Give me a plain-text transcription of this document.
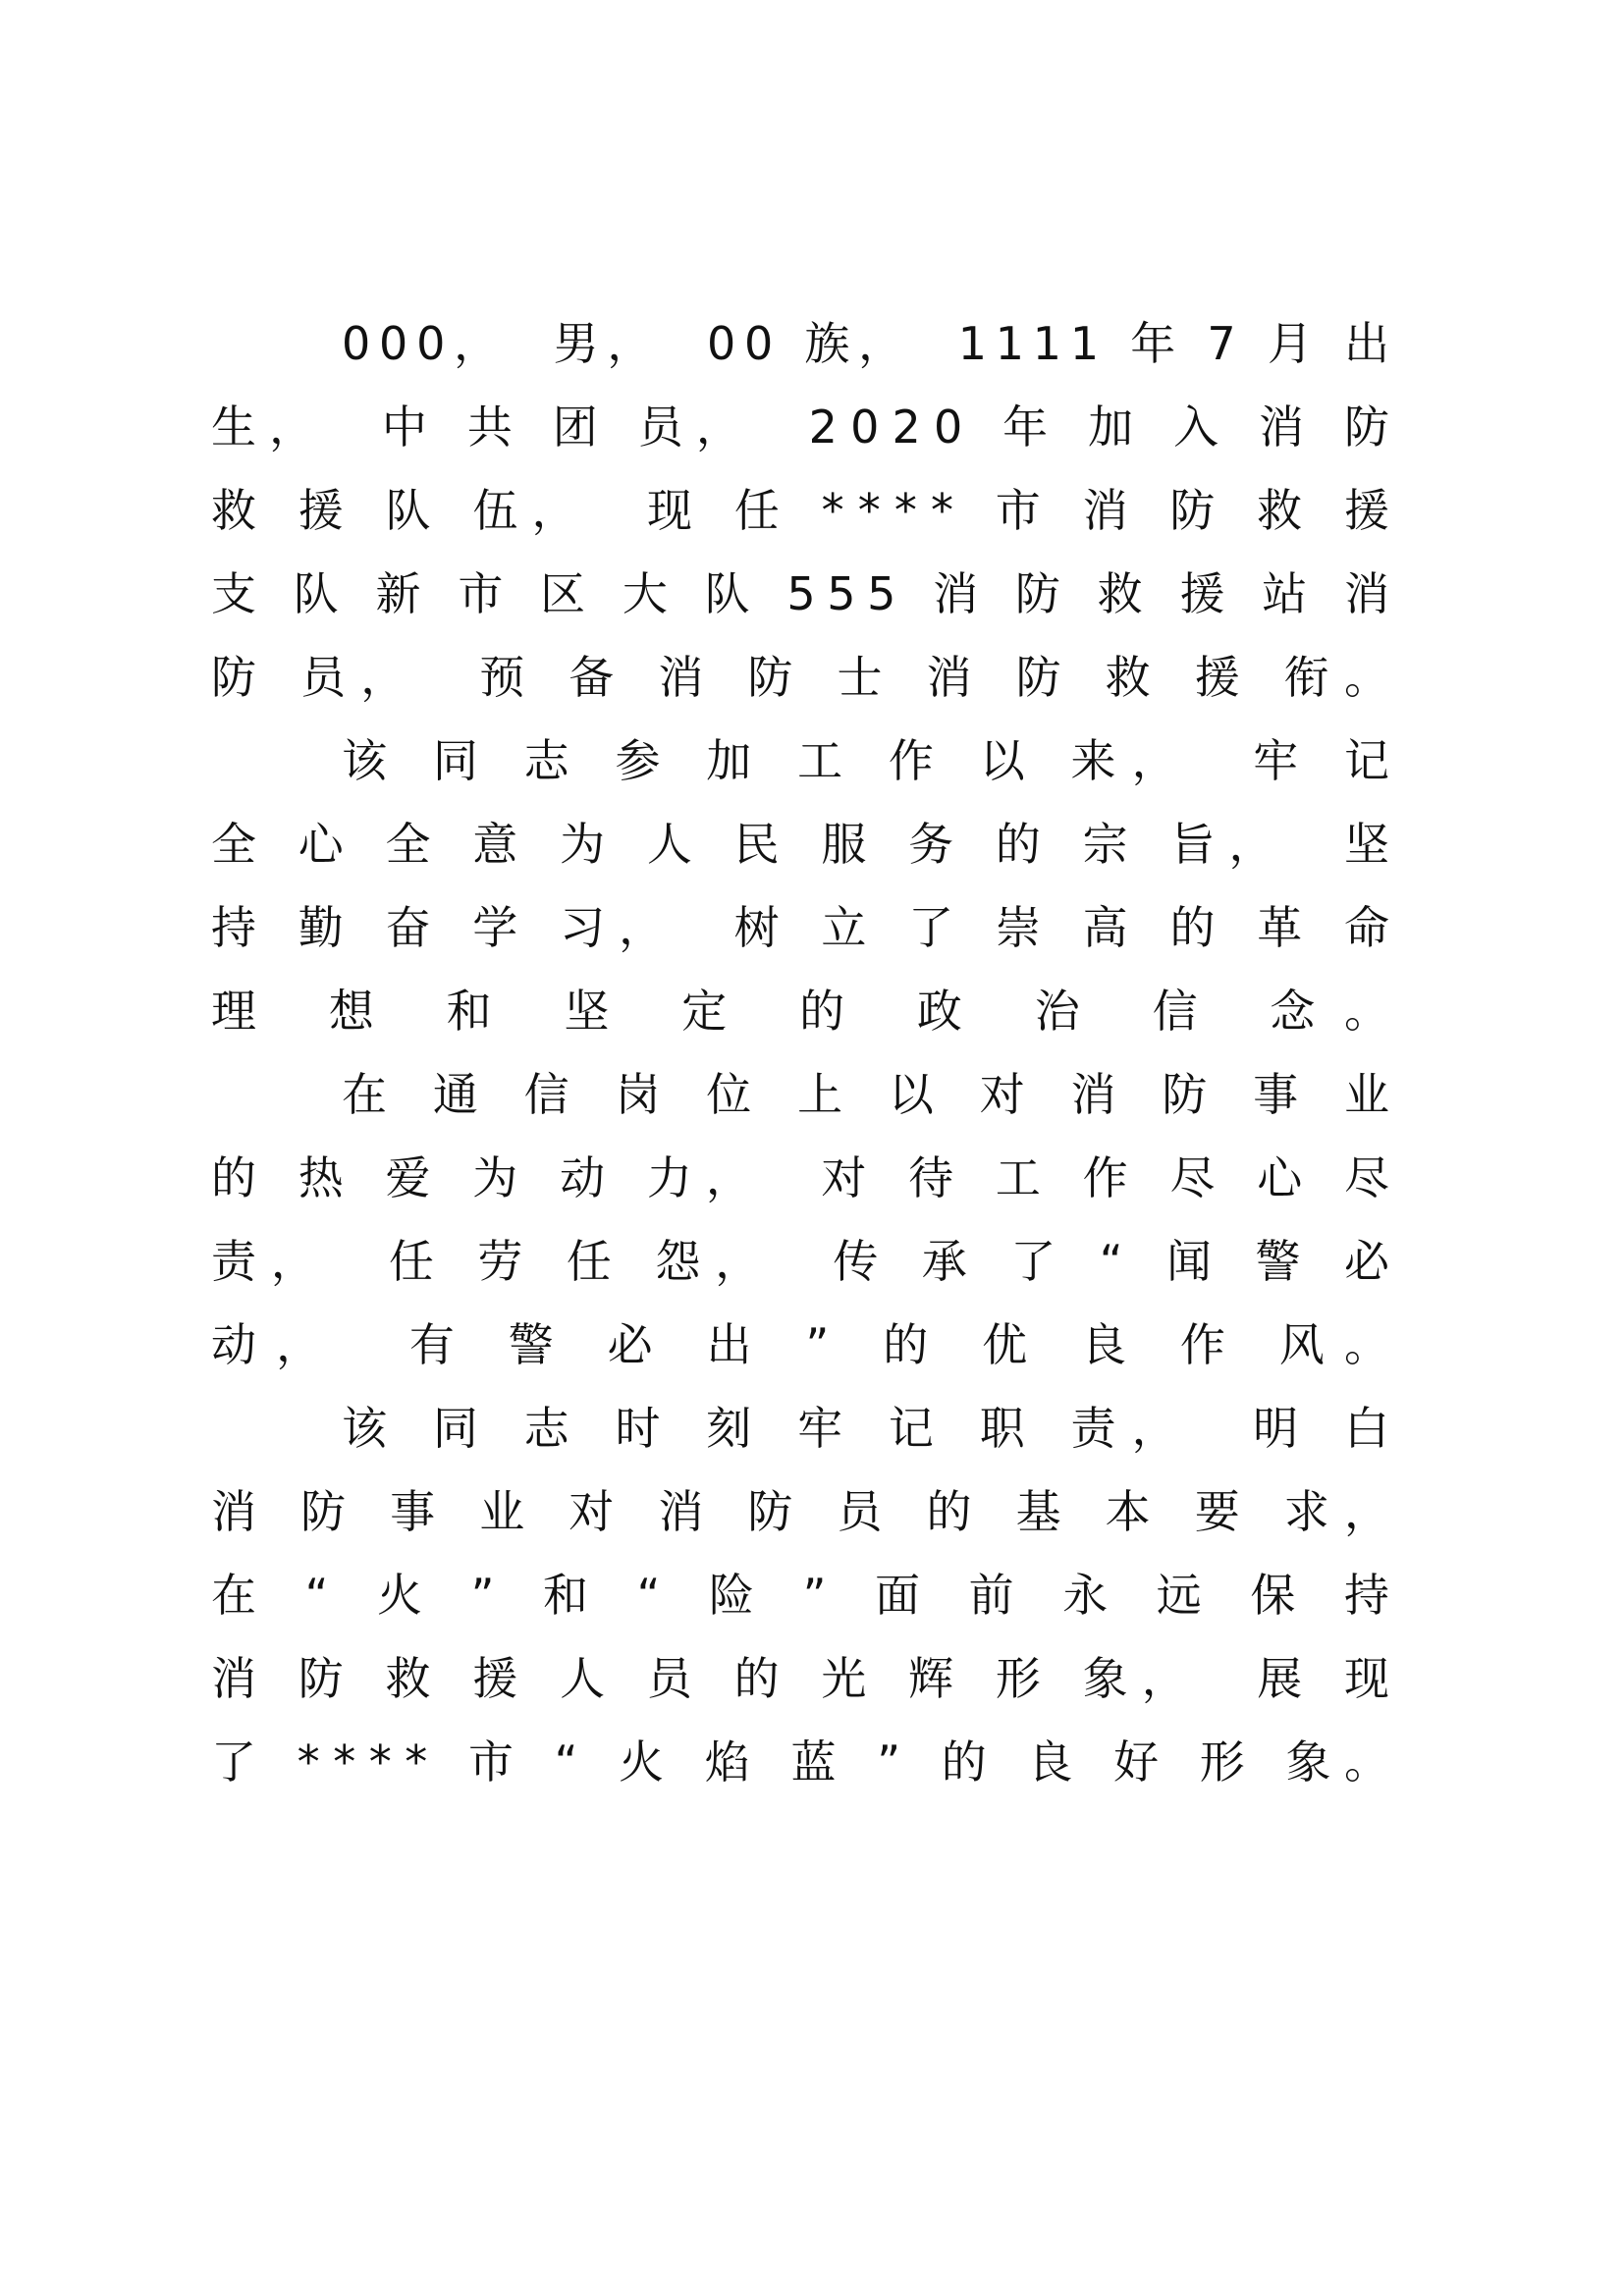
000，  男，  00 族，  1111 年 7 月 出
生，  中 共 团 员，  2020 年 加 入 消 防
救 援 队 伍，  现 任 **** 市 消 防 救 援
支 队 新 市 区 大 队 555 消 防 救 援 站 消
防 员，  预 备 消 防 士 消 防 救 援 衔。
该 同 志 参 加 工 作 以 来，  牢 记
全 心 全 意 为 人 民 服 务 的 宗 旨，  坚
持 勤 奋 学 习，  树 立 了 崇 高 的 革 命
理 想 和 坚 定 的 政 治 信 念。
在 通 信 岗 位 上 以 对 消 防 事 业
的 热 爱 为 动 力，  对 待 工 作 尽 心 尽
责，  任 劳 任 怨，  传 承 了 “ 闻 警 必
动，  有 警 必 出 ” 的 优 良 作 风。
该 同 志 时 刻 牢 记 职 责，  明 白
消 防 事 业 对 消 防 员 的 基 本 要 求，
在 “ 火 ” 和 “ 险 ” 面 前 永 远 保 持
消 防 救 援 人 员 的 光 辉 形 象，  展 现
了 **** 市 “ 火 焰 蓝 ” 的 良 好 形 象。
